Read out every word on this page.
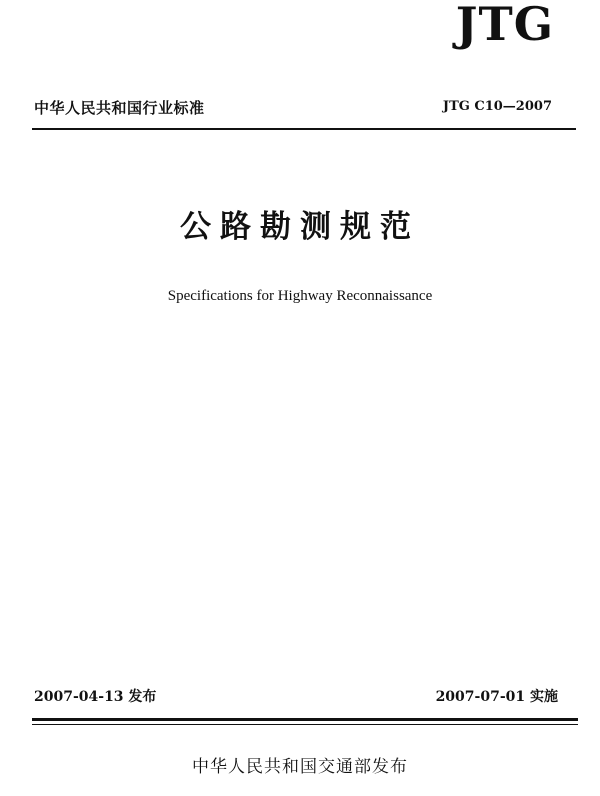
JTG
中华人民共和国行业标准	JTG C10—2007
公路勘测规范
Specifications for Highway Reconnaissance
2007-04-13 发布	2007-07-01 实施
中华人民共和国交通部发布
